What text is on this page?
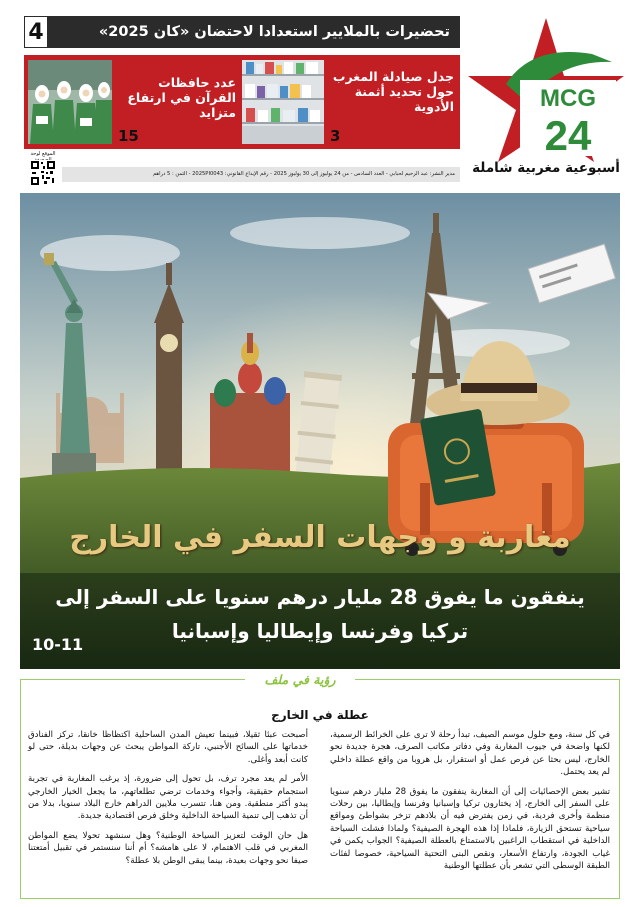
MCG
24
أسبوعية مغربية شاملة
4	تحضيرات بالملايير استعدادا لاحتضان «كان 2025»
جدل صيادلة المغرب حول تحديد أثمنة الأدوية
3
عدد حافظات القرآن في ارتفاع متزايد
15
الموقع لوحة
مدير النشر: عبد الرحيم لحبابي - العدد السادس - من 24 يوليوز إلى 30 يوليوز 2025 - رقم الإيداع القانوني: 2025PI0043 - الثمن : 5 دراهم
مغاربة و وجهات السفر في الخارج
ينفقون ما يفوق 28 مليار درهم سنويا على السفر إلى
تركيا وفرنسا وإيطاليا وإسبانيا
10-11
رؤية في ملف
عطلة في الخارج

في كل سنة، ومع حلول موسم الصيف، تبدأ رحلة لا ترى على الخرائط الرسمية، لكنها واضحة في جيوب المغاربة وفي دفاتر مكاتب الصرف، هجرة جديدة نحو الخارج، ليس بحثا عن فرص عمل أو استقرار، بل هروبا من واقع عطلة داخلي لم يعد يحتمل.

تشير بعض الإحصائيات إلى أن المغاربة ينفقون ما يفوق 28 مليار درهم سنويا على السفر إلى الخارج، إذ يختارون تركيا وإسبانيا وفرنسا وإيطاليا، بين رحلات منظمة وأخرى فردية، في زمن يفترض فيه أن بلادهم تزخر بشواطئ ومواقع سياحية تستحق الزيارة، فلماذا إذا هذه الهجرة الصيفية؟ ولماذا فشلت السياحة الداخلية في استقطاب الراغبين بالاستمتاع بالعطلة الصيفية؟ الجواب يكمن في غياب الجودة، وارتفاع الأسعار، ونقص البنى التحتية السياحية، خصوصا لفئات الطبقة الوسطى التي تشعر بأن عطلتها الوطنية

أصبحت عبئا ثقيلا، فبينما تعيش المدن الساحلية اكتظاظا خانقا، تركز الفنادق خدماتها على السائح الأجنبي، تاركة المواطن يبحث عن وجهات بديلة، حتى لو كانت أبعد وأغلى.

الأمر لم يعد مجرد ترف، بل تحول إلى ضرورة، إذ يرغب المغاربة في تجربة استجمام حقيقية، وأجواء وخدمات ترضي تطلعاتهم، ما يجعل الخيار الخارجي يبدو أكثر منطقية. ومن هنا، تتسرب ملايين الدراهم خارج البلاد سنويا، بدلا من أن تذهب إلى تنمية السياحة الداخلية وخلق فرص اقتصادية جديدة.

هل حان الوقت لتعزيز السياحة الوطنية؟ وهل سنشهد تحولا يضع المواطن المغربي في قلب الاهتمام، لا على هامشه؟ أم أننا سنستمر في تقبيل أمتعتنا صيفا نحو وجهات بعيدة، بينما يبقى الوطن بلا عطلة؟
